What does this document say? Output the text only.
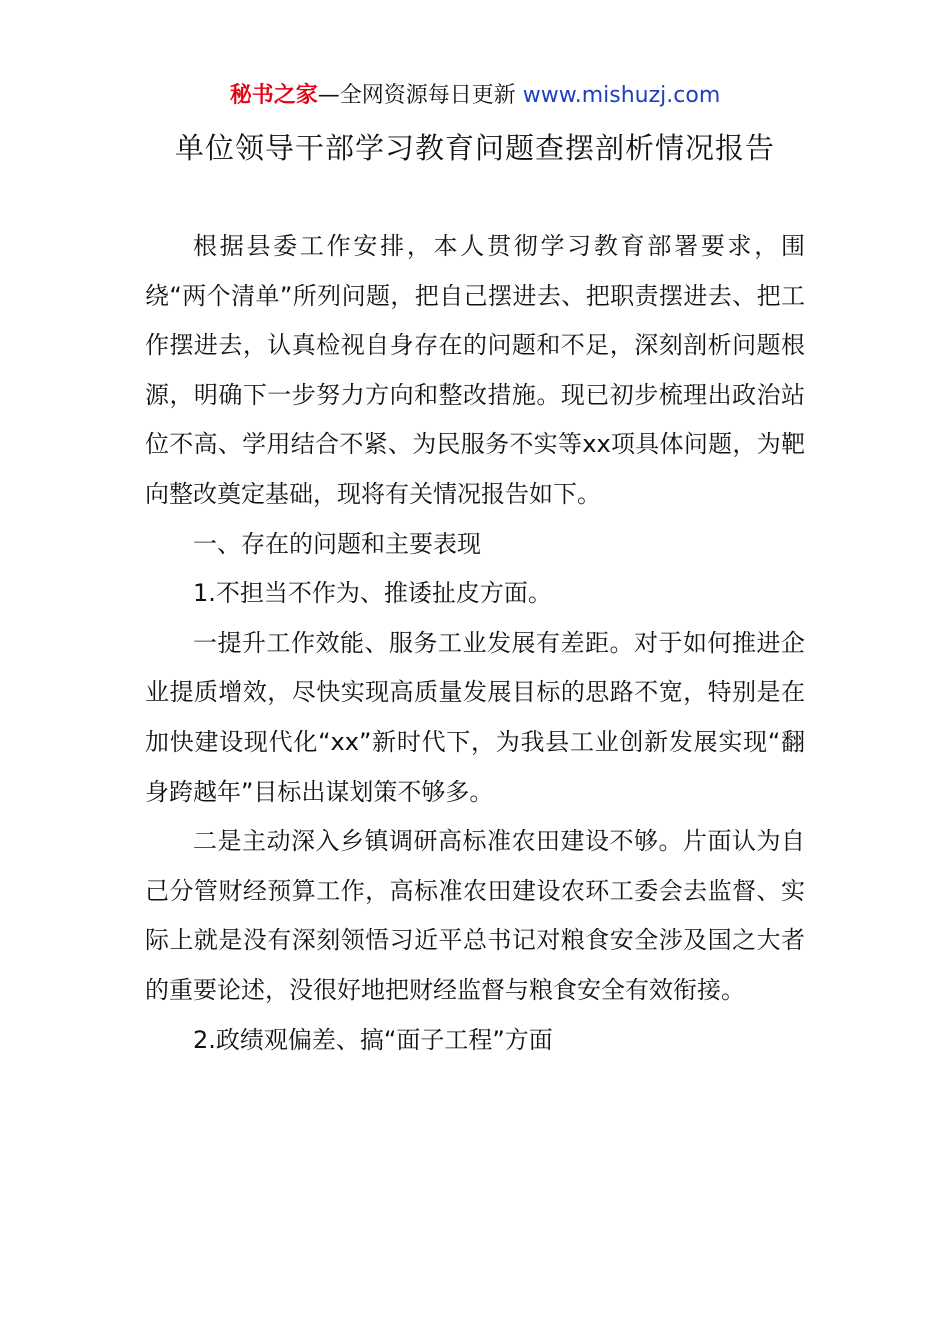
秘书之家—全网资源每日更新 www.mishuzj.com
单位领导干部学习教育问题查摆剖析情况报告

根据县委工作安排，本人贯彻学习教育部署要求，围绕“两个清单”所列问题，把自己摆进去、把职责摆进去、把工作摆进去，认真检视自身存在的问题和不足，深刻剖析问题根源，明确下一步努力方向和整改措施。现已初步梳理出政治站位不高、学用结合不紧、为民服务不实等xx项具体问题，为靶向整改奠定基础，现将有关情况报告如下。

一、存在的问题和主要表现

1.不担当不作为、推诿扯皮方面。

一提升工作效能、服务工业发展有差距。对于如何推进企业提质增效，尽快实现高质量发展目标的思路不宽，特别是在加快建设现代化“xx”新时代下，为我县工业创新发展实现“翻身跨越年”目标出谋划策不够多。

二是主动深入乡镇调研高标准农田建设不够。片面认为自己分管财经预算工作，高标准农田建设农环工委会去监督、实际上就是没有深刻领悟习近平总书记对粮食安全涉及国之大者的重要论述，没很好地把财经监督与粮食安全有效衔接。

2.政绩观偏差、搞“面子工程”方面
